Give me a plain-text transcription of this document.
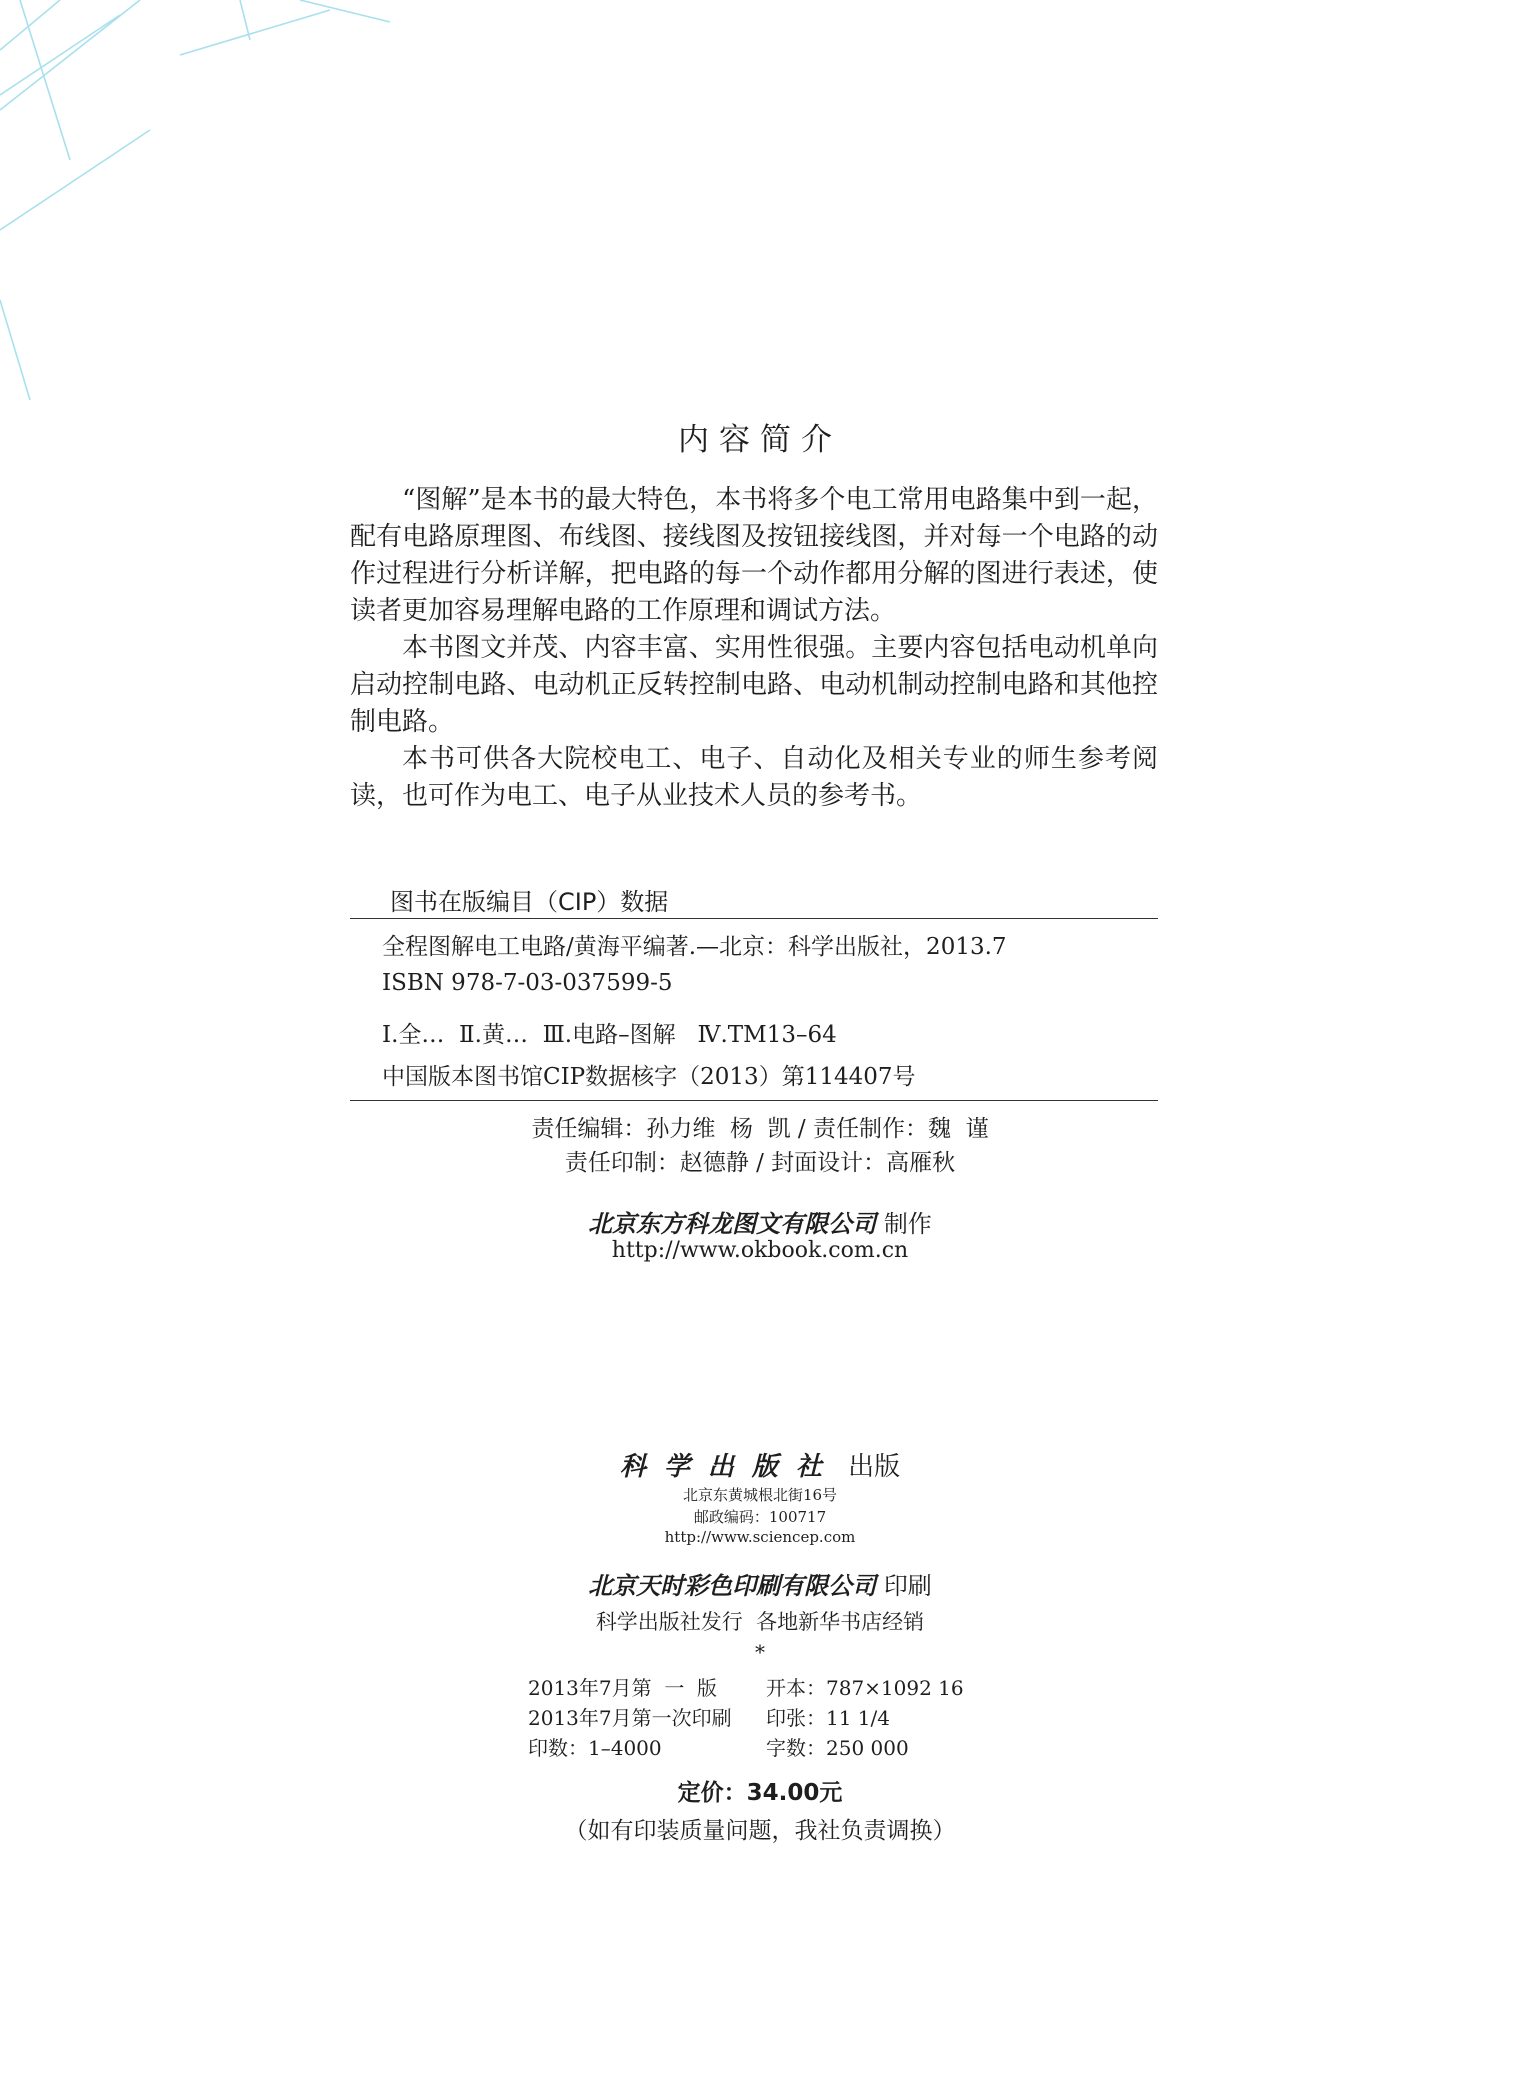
内容简介

“图解”是本书的最大特色，本书将多个电工常用电路集中到一起，配有电路原理图、布线图、接线图及按钮接线图，并对每一个电路的动作过程进行分析详解，把电路的每一个动作都用分解的图进行表述，使读者更加容易理解电路的工作原理和调试方法。

本书图文并茂、内容丰富、实用性很强。主要内容包括电动机单向启动控制电路、电动机正反转控制电路、电动机制动控制电路和其他控制电路。

本书可供各大院校电工、电子、自动化及相关专业的师生参考阅读，也可作为电工、电子从业技术人员的参考书。

图书在版编目（CIP）数据
全程图解电工电路/黄海平编著.—北京：科学出版社，2013.7
ISBN 978-7-03-037599-5
Ⅰ.全…  Ⅱ.黄…  Ⅲ.电路–图解   Ⅳ.TM13–64
中国版本图书馆CIP数据核字（2013）第114407号
责任编辑：孙力维  杨  凯 / 责任制作：魏  谨
责任印制：赵德静 / 封面设计：高雁秋
北京东方科龙图文有限公司 制作
http://www.okbook.com.cn
科学出版社 出版
北京东黄城根北街16号
邮政编码：100717
http://www.sciencep.com
北京天时彩色印刷有限公司 印刷
科学出版社发行  各地新华书店经销
*
2013年7月第  一  版 开本：787×1092 16
2013年7月第一次印刷 印张：11 1/4
印数：1–4000	字数：250 000
定价：34.00元
（如有印装质量问题，我社负责调换）
